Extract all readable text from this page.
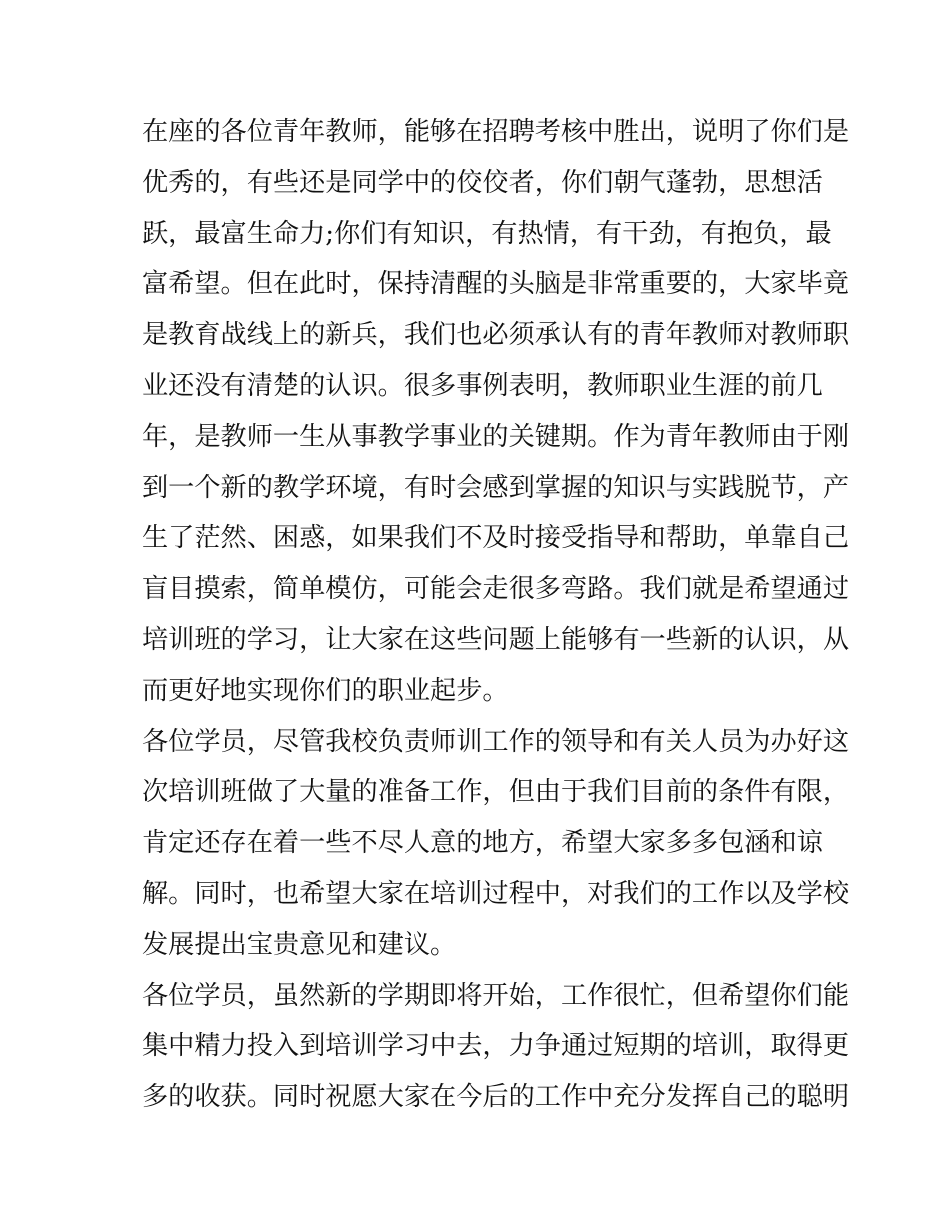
在座的各位青年教师，能够在招聘考核中胜出，说明了你们是
优秀的，有些还是同学中的佼佼者，你们朝气蓬勃，思想活
跃，最富生命力;你们有知识，有热情，有干劲，有抱负，最
富希望。但在此时，保持清醒的头脑是非常重要的，大家毕竟
是教育战线上的新兵，我们也必须承认有的青年教师对教师职
业还没有清楚的认识。很多事例表明，教师职业生涯的前几
年，是教师一生从事教学事业的关键期。作为青年教师由于刚
到一个新的教学环境，有时会感到掌握的知识与实践脱节，产
生了茫然、困惑，如果我们不及时接受指导和帮助，单靠自己
盲目摸索，简单模仿，可能会走很多弯路。我们就是希望通过
培训班的学习，让大家在这些问题上能够有一些新的认识，从
而更好地实现你们的职业起步。
各位学员，尽管我校负责师训工作的领导和有关人员为办好这
次培训班做了大量的准备工作，但由于我们目前的条件有限，
肯定还存在着一些不尽人意的地方，希望大家多多包涵和谅
解。同时，也希望大家在培训过程中，对我们的工作以及学校
发展提出宝贵意见和建议。
各位学员，虽然新的学期即将开始，工作很忙，但希望你们能
集中精力投入到培训学习中去，力争通过短期的培训，取得更
多的收获。同时祝愿大家在今后的工作中充分发挥自己的聪明
